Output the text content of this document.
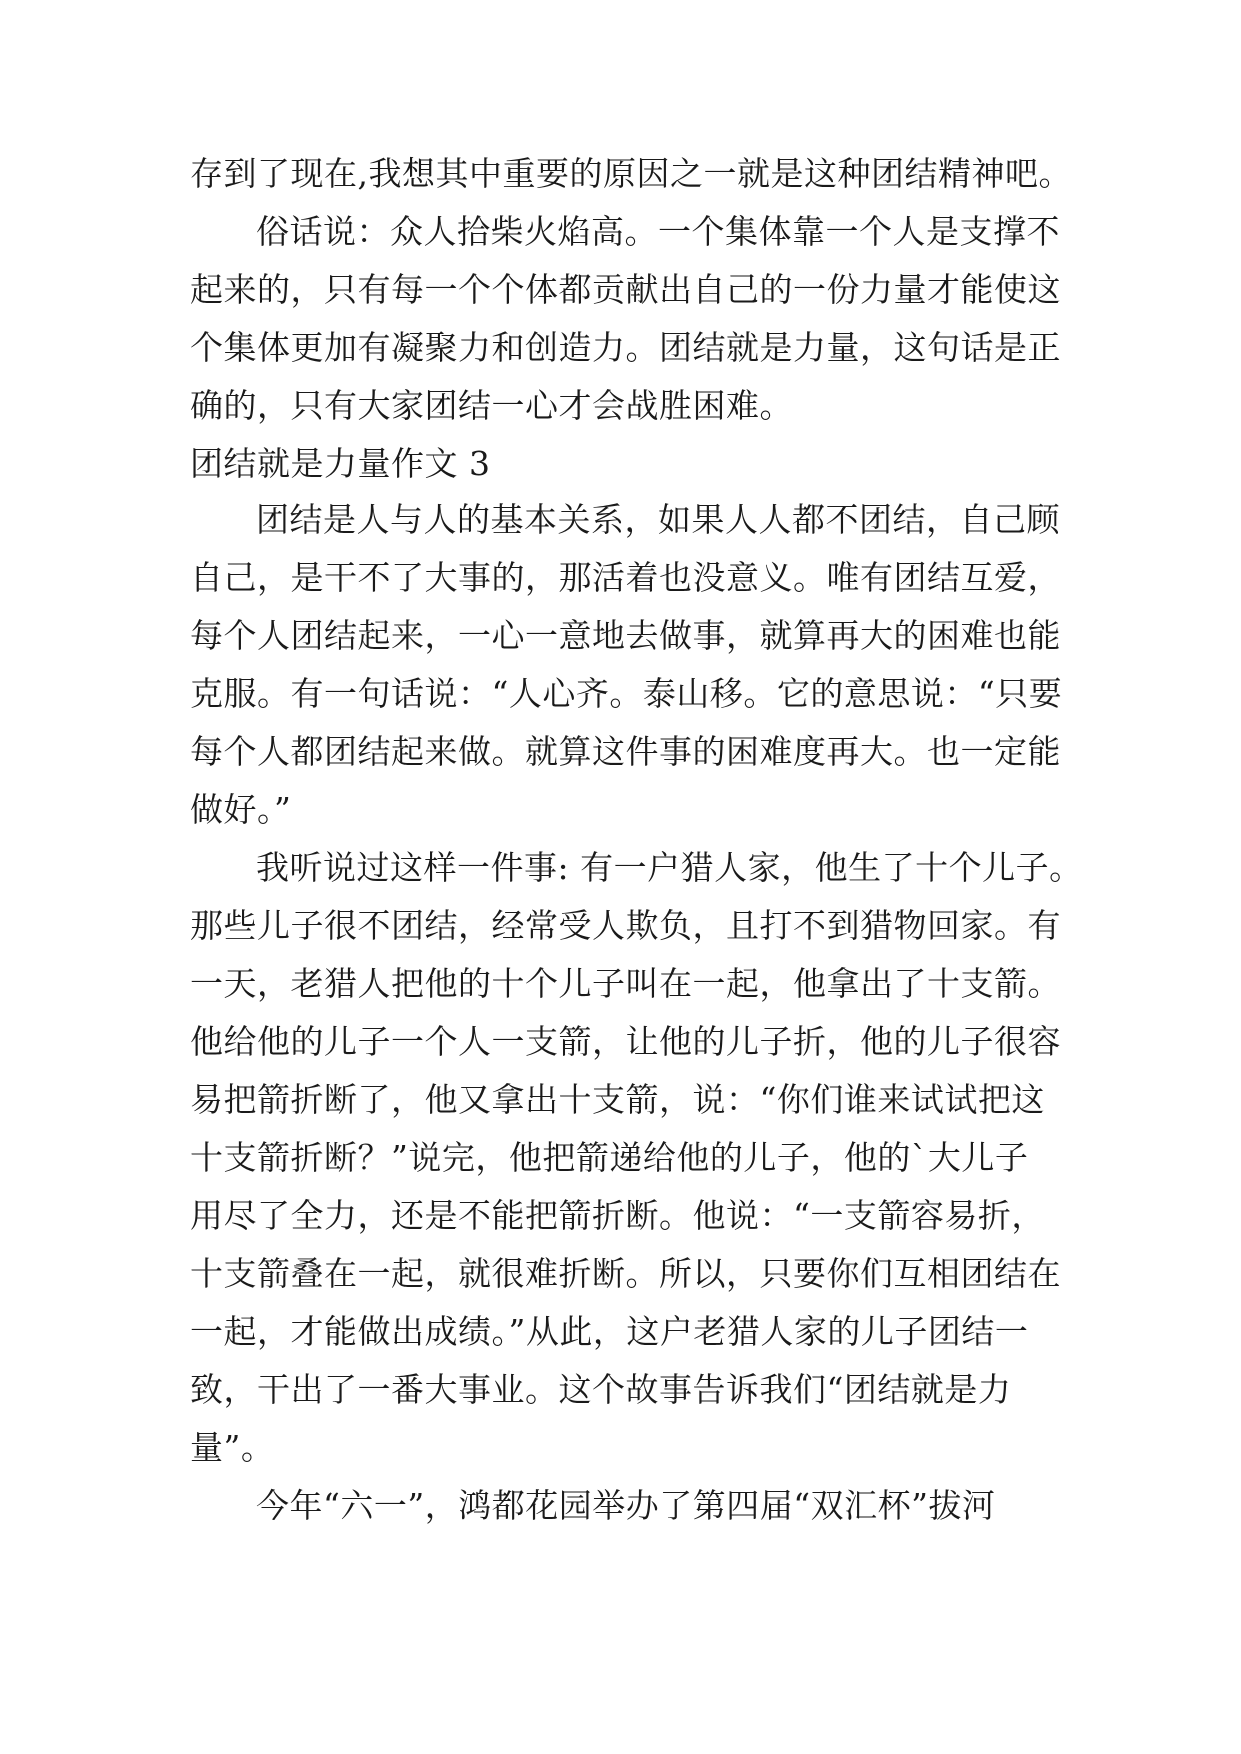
存到了现在,我想其中重要的原因之一就是这种团结精神吧。
俗话说：众人拾柴火焰高。一个集体靠一个人是支撑不
起来的，只有每一个个体都贡献出自己的一份力量才能使这
个集体更加有凝聚力和创造力。团结就是力量，这句话是正
确的，只有大家团结一心才会战胜困难。
团结就是力量作文 3
团结是人与人的基本关系，如果人人都不团结，自己顾
自己，是干不了大事的，那活着也没意义。唯有团结互爱，
每个人团结起来，一心一意地去做事，就算再大的困难也能
克服。有一句话说：“人心齐。泰山移。它的意思说：“只要
每个人都团结起来做。就算这件事的困难度再大。也一定能
做好。”
我听说过这样一件事: 有一户猎人家，他生了十个儿子。
那些儿子很不团结，经常受人欺负，且打不到猎物回家。有
一天，老猎人把他的十个儿子叫在一起，他拿出了十支箭。
他给他的儿子一个人一支箭，让他的儿子折，他的儿子很容
易把箭折断了，他又拿出十支箭，说：“你们谁来试试把这
十支箭折断？”说完，他把箭递给他的儿子，他的`大儿子
用尽了全力，还是不能把箭折断。他说：“一支箭容易折，
十支箭叠在一起，就很难折断。所以，只要你们互相团结在
一起，才能做出成绩。”从此，这户老猎人家的儿子团结一
致，干出了一番大事业。这个故事告诉我们“团结就是力
量”。
今年“六一”，鸿都花园举办了第四届“双汇杯”拔河
